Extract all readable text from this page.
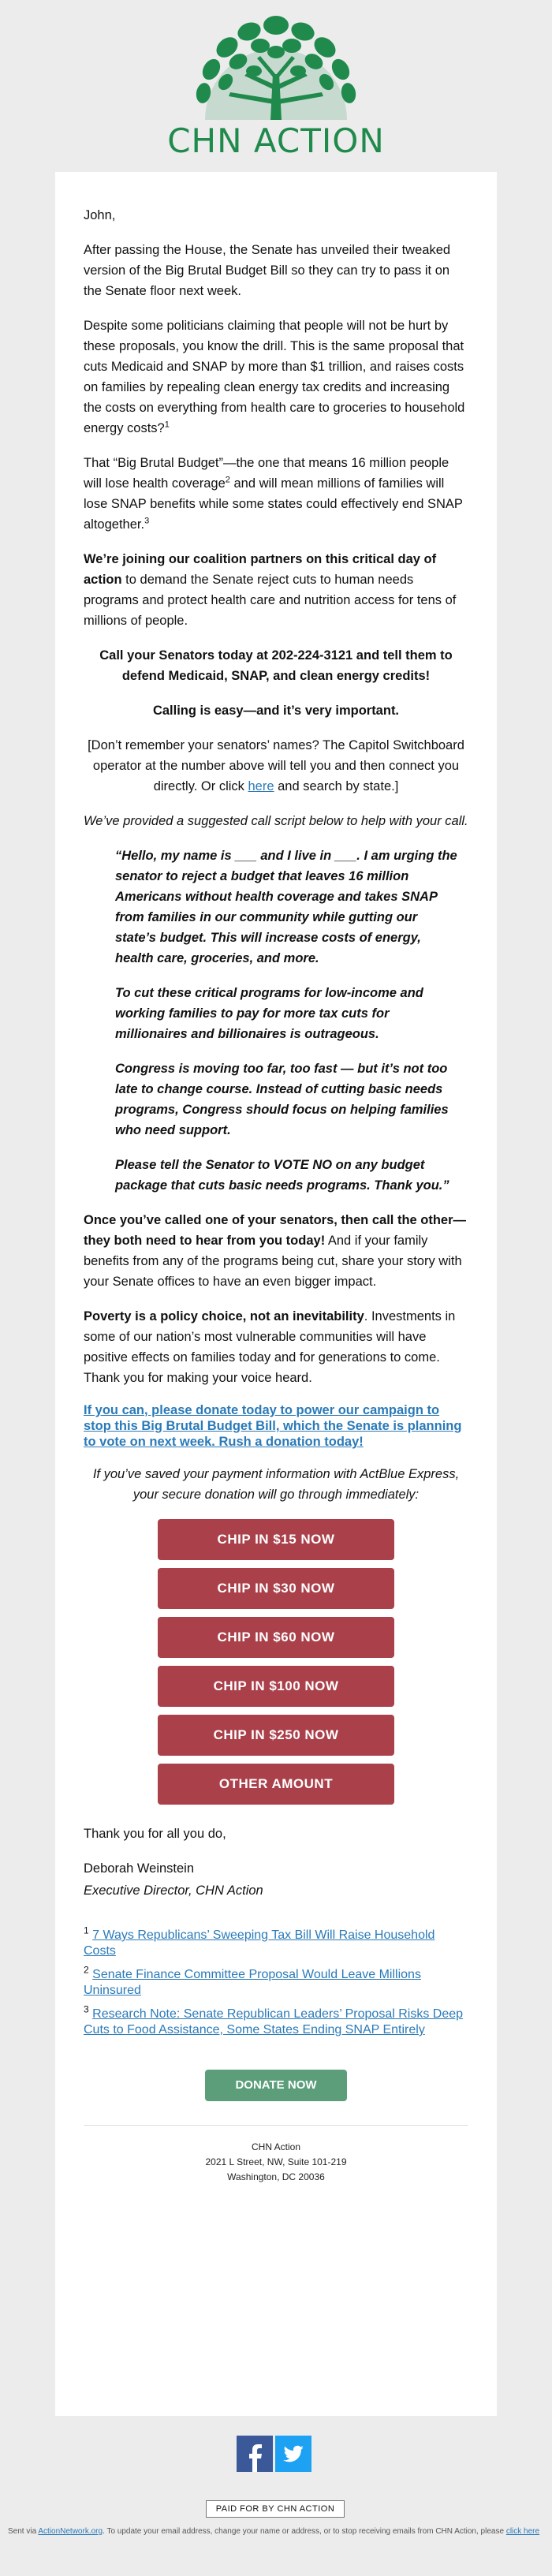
CHN ACTION

John,

After passing the House, the Senate has unveiled their tweaked version of the Big Brutal Budget Bill so they can try to pass it on the Senate floor next week.

Despite some politicians claiming that people will not be hurt by these proposals, you know the drill. This is the same proposal that cuts Medicaid and SNAP by more than $1 trillion, and raises costs on families by repealing clean energy tax credits and increasing the costs on everything from health care to groceries to household energy costs?$^1$

That “Big Brutal Budget”—the one that means 16 million people will lose health coverage$^2$ and will mean millions of families will lose SNAP benefits while some states could effectively end SNAP altogether.$^3$

We’re joining our coalition partners on this critical day of action to demand the Senate reject cuts to human needs programs and protect health care and nutrition access for tens of millions of people.

Call your Senators today at 202-224-3121 and tell them to defend Medicaid, SNAP, and clean energy credits!

Calling is easy—and it’s very important.

[Don’t remember your senators’ names? The Capitol Switchboard operator at the number above will tell you and then connect you directly. Or click here and search by state.]

We’ve provided a suggested call script below to help with your call.

“Hello, my name is ___ and I live in ___. I am urging the senator to reject a budget that leaves 16 million Americans without health coverage and takes SNAP from families in our community while gutting our state’s budget. This will increase costs of energy, health care, groceries, and more.

To cut these critical programs for low-income and working families to pay for more tax cuts for millionaires and billionaires is outrageous.

Congress is moving too far, too fast — but it’s not too late to change course. Instead of cutting basic needs programs, Congress should focus on helping families who need support.

Please tell the Senator to VOTE NO on any budget package that cuts basic needs programs. Thank you.”

Once you’ve called one of your senators, then call the other—they both need to hear from you today! And if your family benefits from any of the programs being cut, share your story with your Senate offices to have an even bigger impact.

Poverty is a policy choice, not an inevitability. Investments in some of our nation’s most vulnerable communities will have positive effects on families today and for generations to come. Thank you for making your voice heard.

If you can, please donate today to power our campaign to stop this Big Brutal Budget Bill, which the Senate is planning to vote on next week. Rush a donation today!

If you’ve saved your payment information with ActBlue Express, your secure donation will go through immediately:

CHIP IN $15 NOW
CHIP IN $30 NOW
CHIP IN $60 NOW
CHIP IN $100 NOW
CHIP IN $250 NOW
OTHER AMOUNT

Thank you for all you do,

Deborah Weinstein

Executive Director, CHN Action

$^1$ 7 Ways Republicans’ Sweeping Tax Bill Will Raise Household Costs

$^2$ Senate Finance Committee Proposal Would Leave Millions Uninsured

$^3$ Research Note: Senate Republican Leaders’ Proposal Risks Deep Cuts to Food Assistance, Some States Ending SNAP Entirely

DONATE NOW
CHN Action
2021 L Street, NW, Suite 101-219
Washington, DC 20036
PAID FOR BY CHN ACTION
Sent via ActionNetwork.org. To update your email address, change your name or address, or to stop receiving emails from CHN Action, please click here
